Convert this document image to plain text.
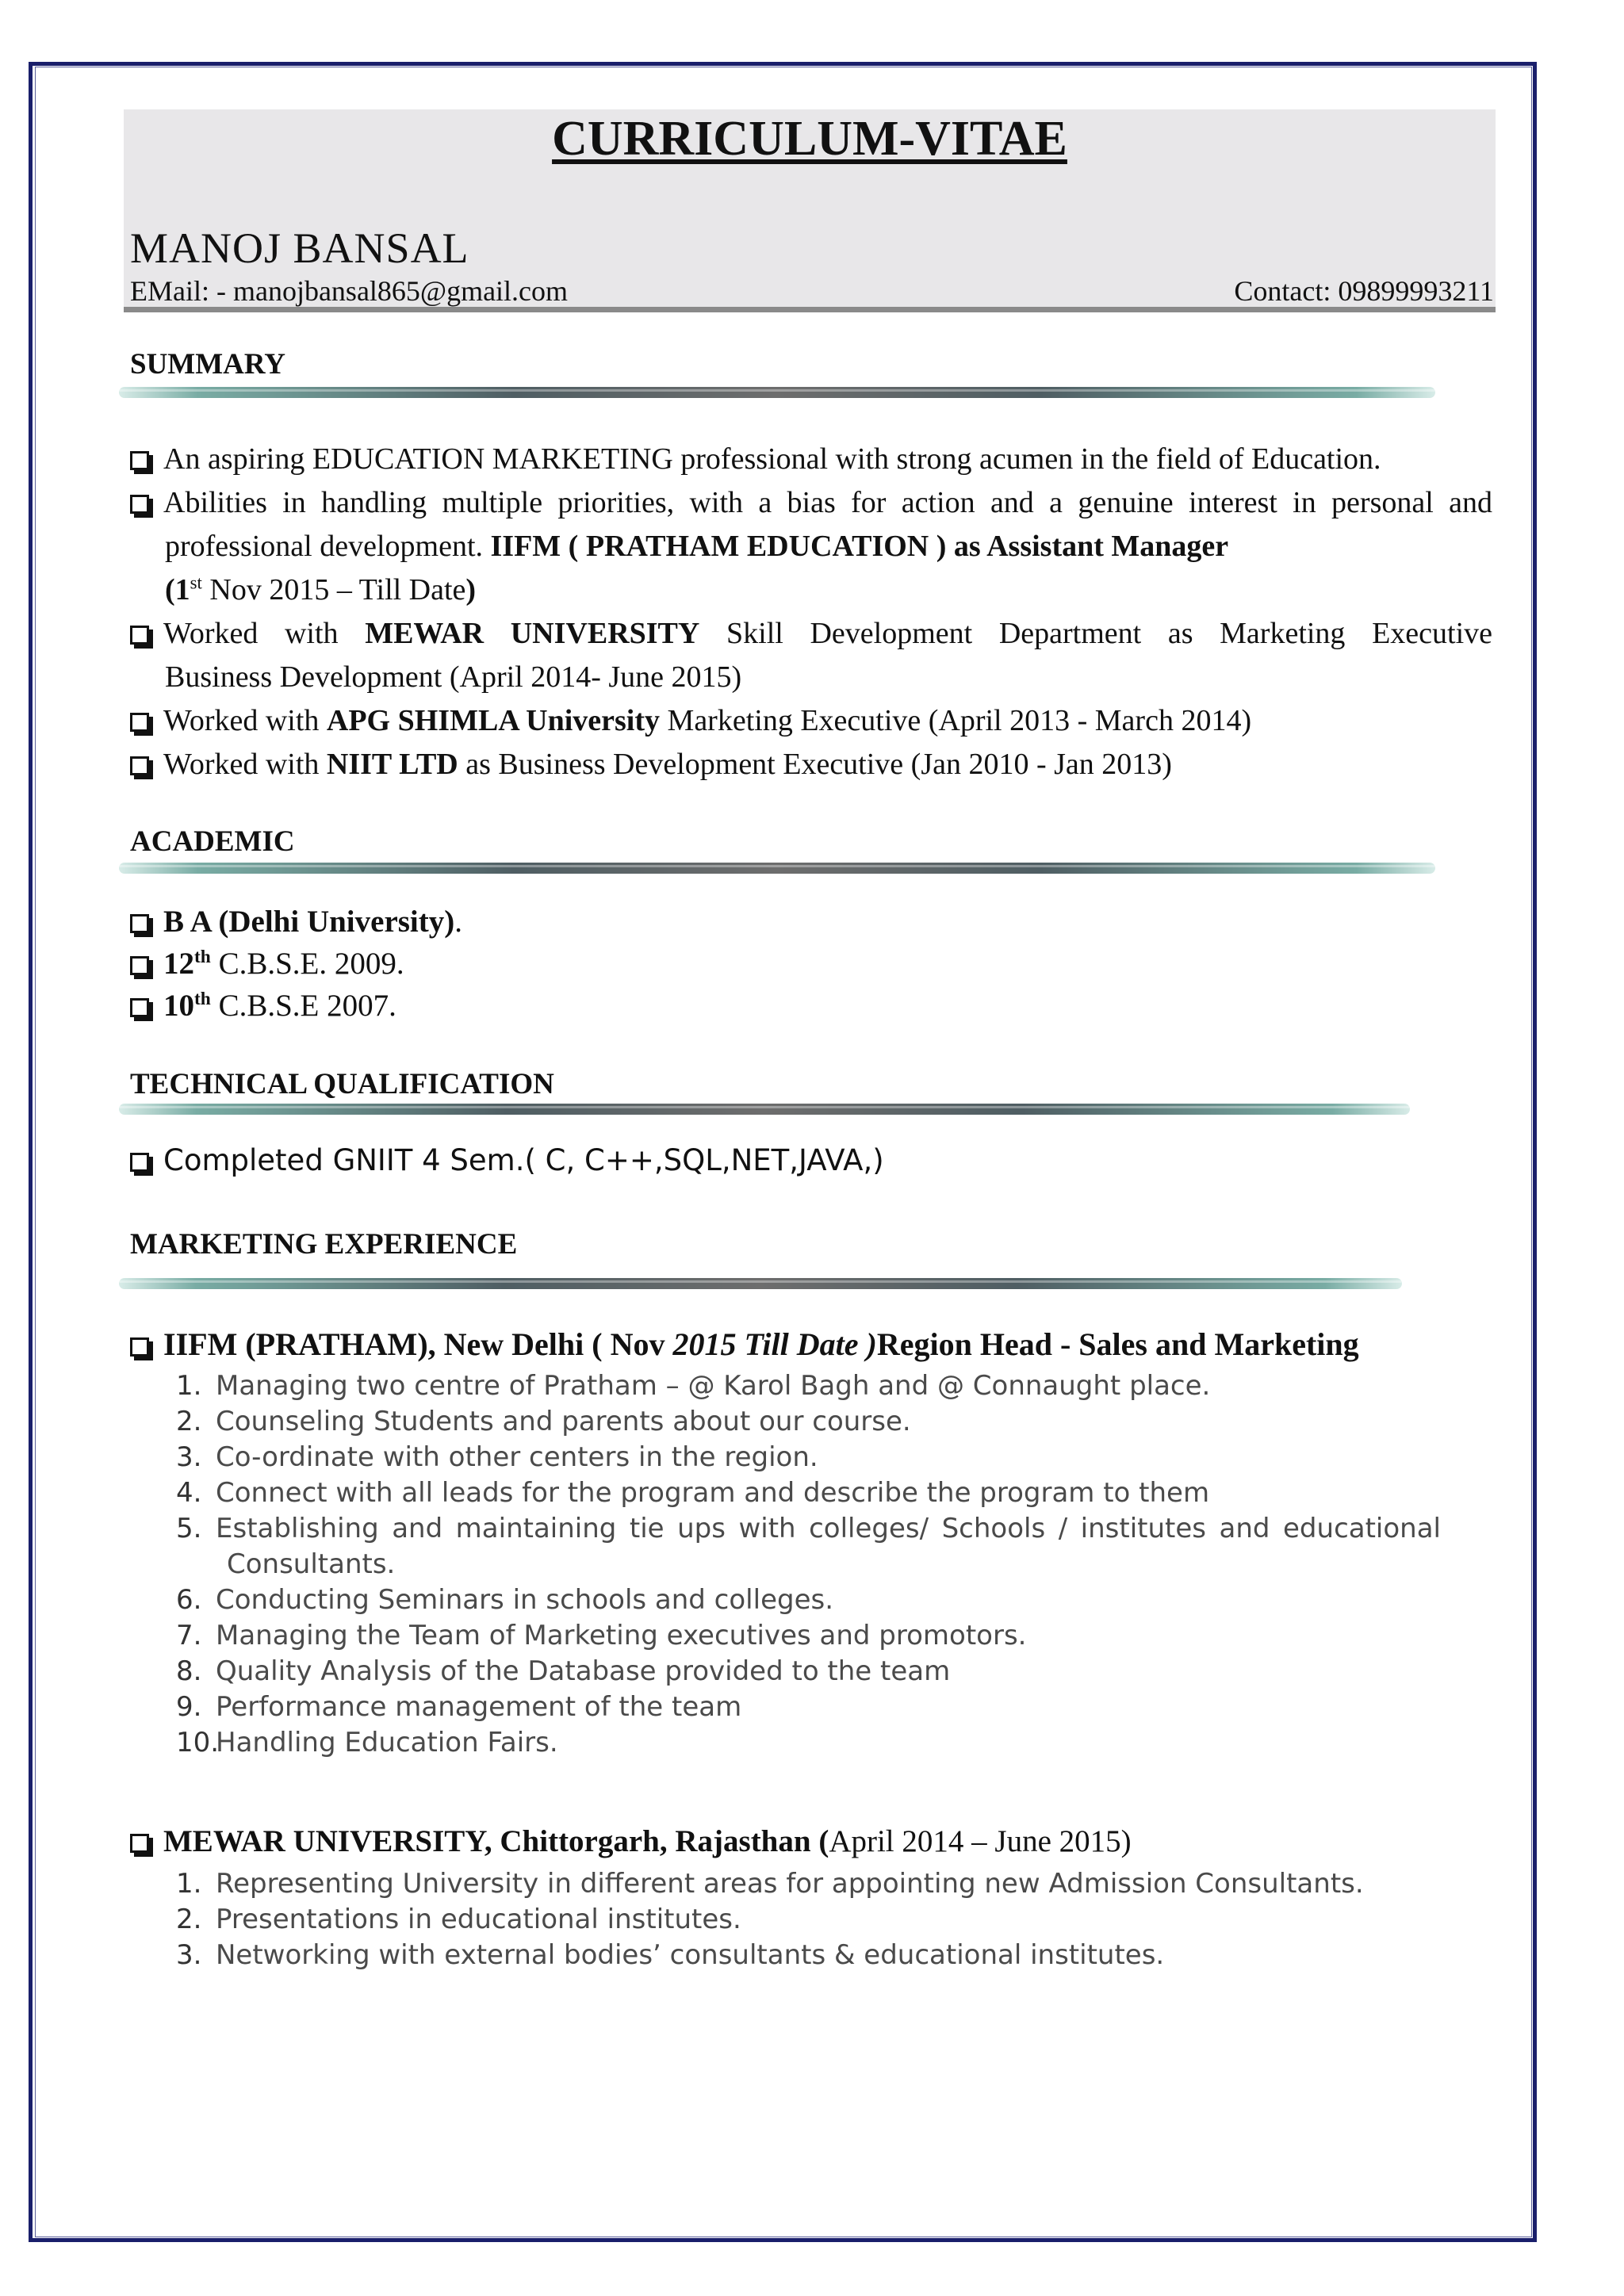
CURRICULUM-VITAE
MANOJ BANSAL
EMail: - manojbansal865@gmail.com	Contact: 09899993211
SUMMARY
An aspiring EDUCATION MARKETING professional with strong acumen in the field of Education.
Abilities in handling multiple priorities, with a bias for action and a genuine interest in personal and
professional development. IIFM ( PRATHAM EDUCATION ) as Assistant Manager
(1st Nov 2015 – Till Date)
Worked with MEWAR UNIVERSITY Skill Development Department as Marketing Executive
Business Development (April 2014- June 2015)
Worked with APG SHIMLA University Marketing Executive (April 2013 - March 2014)
Worked with NIIT LTD as Business Development Executive (Jan 2010 - Jan 2013)
ACADEMIC
B A (Delhi University).
12th C.B.S.E. 2009.
10th C.B.S.E 2007.
TECHNICAL QUALIFICATION
Completed GNIIT 4 Sem.( C, C++,SQL,NET,JAVA,)
MARKETING EXPERIENCE
IIFM (PRATHAM), New Delhi ( Nov 2015 Till Date )Region Head - Sales and Marketing
1. Managing two centre of Pratham – @ Karol Bagh and @ Connaught place.
2. Counseling Students and parents about our course.
3. Co-ordinate with other centers in the region.
4. Connect with all leads for the program and describe the program to them
5. Establishing and maintaining tie ups with colleges/ Schools / institutes and educational
Consultants.
6. Conducting Seminars in schools and colleges.
7. Managing the Team of Marketing executives and promotors.
8. Quality Analysis of the Database provided to the team
9. Performance management of the team
10.Handling Education Fairs.
MEWAR UNIVERSITY, Chittorgarh, Rajasthan (April 2014 – June 2015)
1. Representing University in different areas for appointing new Admission Consultants.
2. Presentations in educational institutes.
3. Networking with external bodies’ consultants & educational institutes.
